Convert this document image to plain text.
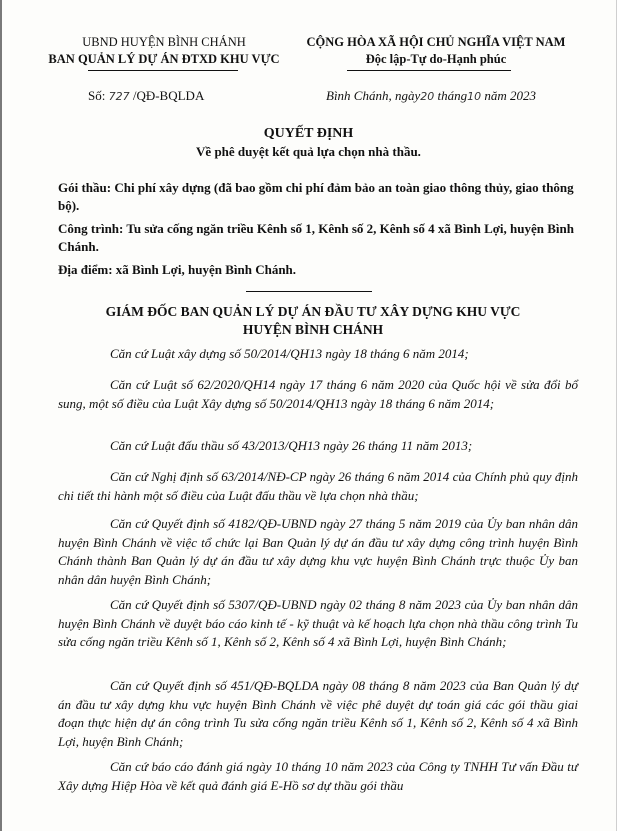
UBND HUYỆN BÌNH CHÁNH
BAN QUẢN LÝ DỰ ÁN ĐTXD KHU VỰC
CỘNG HÒA XÃ HỘI CHỦ NGHĨA VIỆT NAM
Độc lập-Tự do-Hạnh phúc
Số: 727 /QĐ-BQLDA	Bình Chánh, ngày20 tháng10 năm 2023
QUYẾT ĐỊNH
Về phê duyệt kết quả lựa chọn nhà thầu.
Gói thầu: Chi phí xây dựng (đã bao gồm chi phí đảm bảo an toàn giao thông thủy, giao thông bộ).
Công trình: Tu sửa cống ngăn triều Kênh số 1, Kênh số 2, Kênh số 4 xã Bình Lợi, huyện Bình Chánh.
Địa điểm: xã Bình Lợi, huyện Bình Chánh.
GIÁM ĐỐC BAN QUẢN LÝ DỰ ÁN ĐẦU TƯ XÂY DỰNG KHU VỰC
HUYỆN BÌNH CHÁNH

Căn cứ Luật xây dựng số 50/2014/QH13 ngày 18 tháng 6 năm 2014;

Căn cứ Luật số 62/2020/QH14 ngày 17 tháng 6 năm 2020 của Quốc hội về sửa đổi bổ sung, một số điều của Luật Xây dựng số 50/2014/QH13 ngày 18 tháng 6 năm 2014;

Căn cứ Luật đấu thầu số 43/2013/QH13 ngày 26 tháng 11 năm 2013;

Căn cứ Nghị định số 63/2014/NĐ-CP ngày 26 tháng 6 năm 2014 của Chính phủ quy định chi tiết thi hành một số điều của Luật đấu thầu về lựa chọn nhà thầu;

Căn cứ Quyết định số 4182/QĐ-UBND ngày 27 tháng 5 năm 2019 của Ủy ban nhân dân huyện Bình Chánh về việc tổ chức lại Ban Quản lý dự án đầu tư xây dựng công trình huyện Bình Chánh thành Ban Quản lý dự án đầu tư xây dựng khu vực huyện Bình Chánh trực thuộc Ủy ban nhân dân huyện Bình Chánh;

Căn cứ Quyết định số 5307/QĐ-UBND ngày 02 tháng 8 năm 2023 của Ủy ban nhân dân huyện Bình Chánh về duyệt báo cáo kinh tế - kỹ thuật và kế hoạch lựa chọn nhà thầu công trình Tu sửa cống ngăn triều Kênh số 1, Kênh số 2, Kênh số 4 xã Bình Lợi, huyện Bình Chánh;

Căn cứ Quyết định số 451/QĐ-BQLDA ngày 08 tháng 8 năm 2023 của Ban Quản lý dự án đầu tư xây dựng khu vực huyện Bình Chánh về việc phê duyệt dự toán giá các gói thầu giai đoạn thực hiện dự án công trình Tu sửa cống ngăn triều Kênh số 1, Kênh số 2, Kênh số 4 xã Bình Lợi, huyện Bình Chánh;

Căn cứ báo cáo đánh giá ngày 10 tháng 10 năm 2023 của Công ty TNHH Tư vấn Đầu tư Xây dựng Hiệp Hòa về kết quả đánh giá E-Hồ sơ dự thầu gói thầu
